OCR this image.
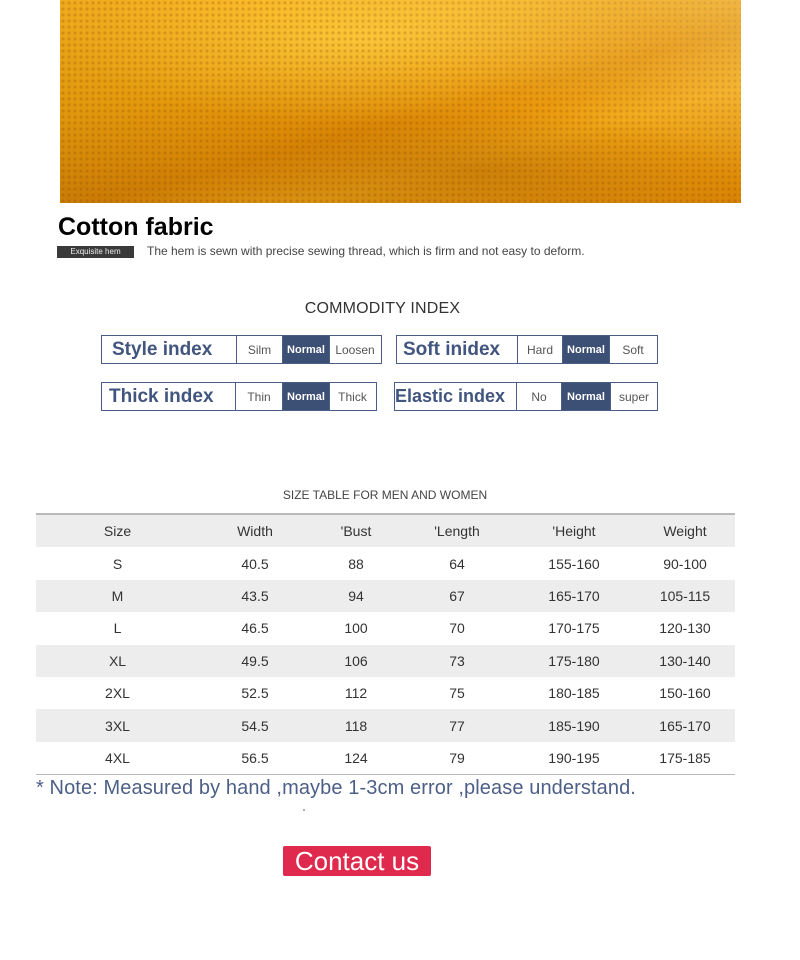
Cotton fabric
Exquisite hem	The hem is sewn with precise sewing thread, which is firm and not easy to deform.
COMMODITY INDEX
Style index	Silm	Normal Loosen	Soft inidex	Hard	Normal	Soft
Thick index	Thin	Normal	Thick	Elastic index	No	Normal	super
SIZE TABLE FOR MEN AND WOMEN
Size	Width	'Bust	'Length	'Height	Weight
S	40.5	88	64	155-160	90-100
M	43.5	94	67	165-170	105-115
L	46.5	100	70	170-175	120-130
XL	49.5	106	73	175-180	130-140
2XL	52.5	112	75	180-185	150-160
3XL	54.5	118	77	185-190	165-170
4XL	56.5	124	79	190-195	175-185
* Note: Measured by hand ,maybe 1-3cm error ,please understand.
Contact us
